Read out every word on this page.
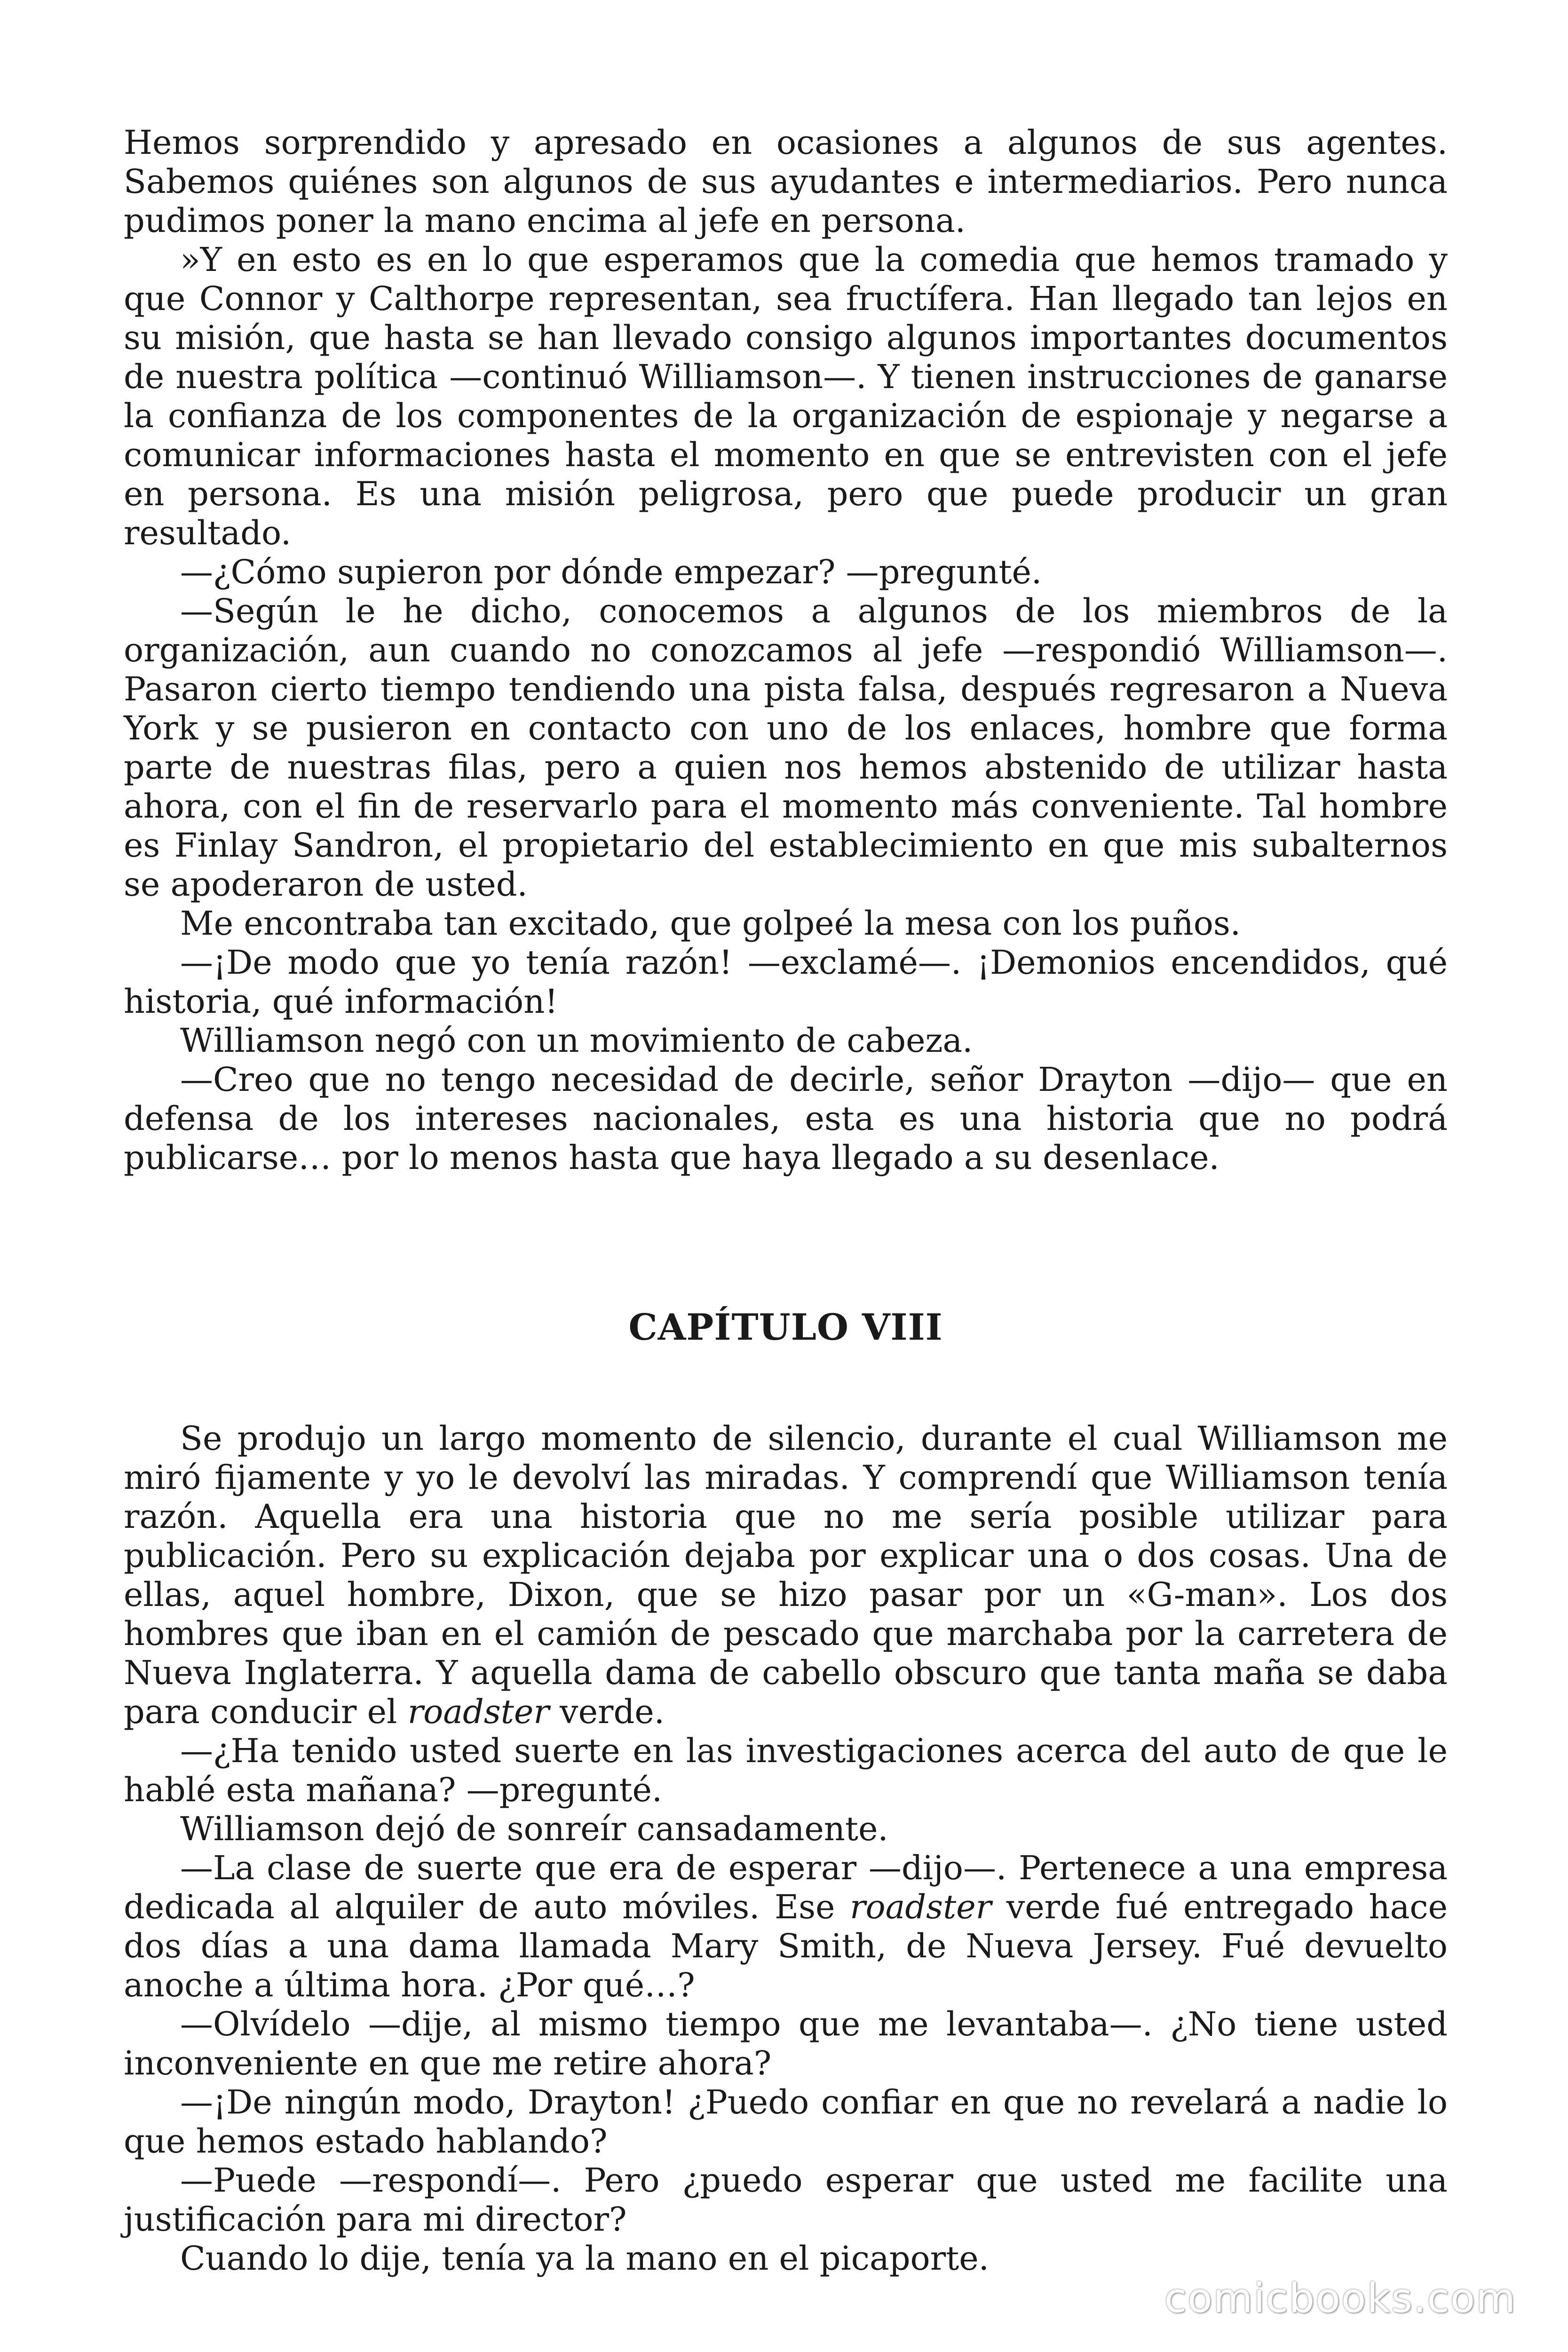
Hemos sorprendido y apresado en ocasiones a algunos de sus agentes. Sabemos quiénes son algunos de sus ayudantes e intermediarios. Pero nunca pudimos poner la mano encima al jefe en persona.

»Y en esto es en lo que esperamos que la comedia que hemos tramado y que Connor y Calthorpe representan, sea fructífera. Han llegado tan lejos en su misión, que hasta se han llevado consigo algunos importantes documentos de nuestra política —continuó Williamson—. Y tienen instrucciones de ganarse la confianza de los componentes de la organización de espionaje y negarse a comunicar informaciones hasta el momento en que se entrevisten con el jefe en persona. Es una misión peligrosa, pero que puede producir un gran resultado.

—¿Cómo supieron por dónde empezar? —pregunté.

—Según le he dicho, conocemos a algunos de los miembros de la organización, aun cuando no conozcamos al jefe —respondió Williamson—. Pasaron cierto tiempo tendiendo una pista falsa, después regresaron a Nueva York y se pusieron en contacto con uno de los enlaces, hombre que forma parte de nuestras filas, pero a quien nos hemos abstenido de utilizar hasta ahora, con el fin de reservarlo para el momento más conveniente. Tal hombre es Finlay Sandron, el propietario del establecimiento en que mis subalternos se apoderaron de usted.

Me encontraba tan excitado, que golpeé la mesa con los puños.

—¡De modo que yo tenía razón! —exclamé—. ¡Demonios encendidos, qué historia, qué información!

Williamson negó con un movimiento de cabeza.

—Creo que no tengo necesidad de decirle, señor Drayton —dijo— que en defensa de los intereses nacionales, esta es una historia que no podrá publicarse… por lo menos hasta que haya llegado a su desenlace.

CAPÍTULO VIII

Se produjo un largo momento de silencio, durante el cual Williamson me miró fijamente y yo le devolví las miradas. Y comprendí que Williamson tenía razón. Aquella era una historia que no me sería posible utilizar para publicación. Pero su explicación dejaba por explicar una o dos cosas. Una de ellas, aquel hombre, Dixon, que se hizo pasar por un «G-man». Los dos hombres que iban en el camión de pescado que marchaba por la carretera de Nueva Inglaterra. Y aquella dama de cabello obscuro que tanta maña se daba para conducir el roadster verde.

—¿Ha tenido usted suerte en las investigaciones acerca del auto de que le hablé esta mañana? —pregunté.

Williamson dejó de sonreír cansadamente.

—La clase de suerte que era de esperar —dijo—. Pertenece a una empresa dedicada al alquiler de auto móviles. Ese roadster verde fué entregado hace dos días a una dama llamada Mary Smith, de Nueva Jersey. Fué devuelto anoche a última hora. ¿Por qué…?

—Olvídelo —dije, al mismo tiempo que me levantaba—. ¿No tiene usted inconveniente en que me retire ahora?

—¡De ningún modo, Drayton! ¿Puedo confiar en que no revelará a nadie lo que hemos estado hablando?

—Puede —respondí—. Pero ¿puedo esperar que usted me facilite una justificación para mi director?

Cuando lo dije, tenía ya la mano en el picaporte.

comicbooks.com
